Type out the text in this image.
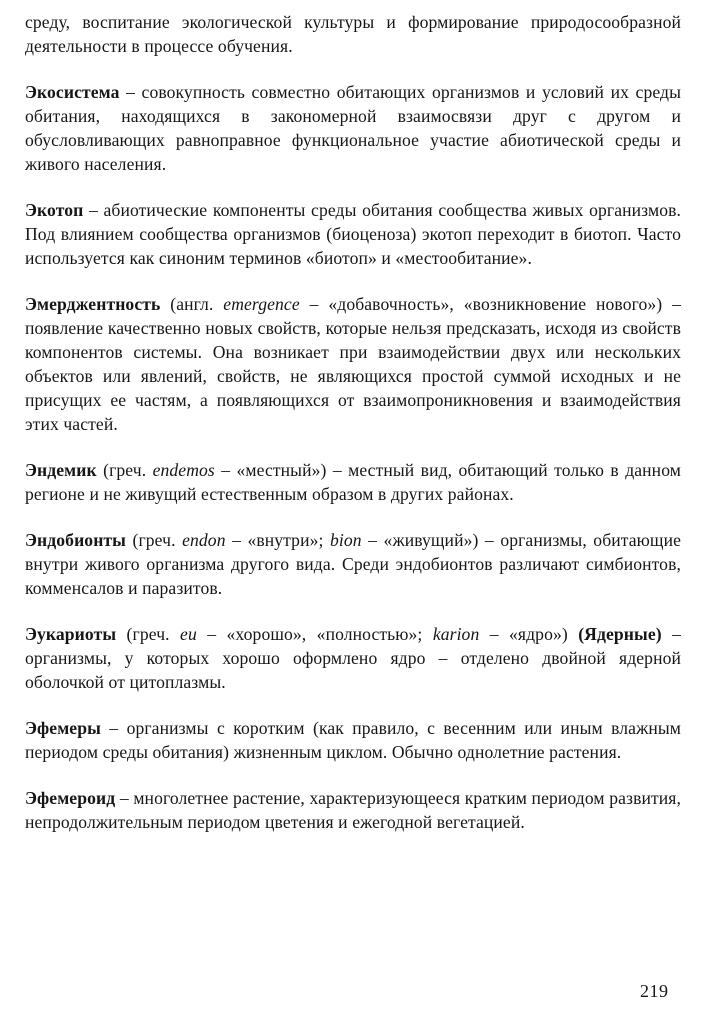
среду, воспитание экологической культуры и формирование природосообразной деятельности в процессе обучения.

Экосистема – совокупность совместно обитающих организмов и условий их среды обитания, находящихся в закономерной взаимосвязи друг с другом и обусловливающих равноправное функциональное участие абиотической среды и живого населения.

Экотоп – абиотические компоненты среды обитания сообщества живых организмов. Под влиянием сообщества организмов (биоценоза) экотоп переходит в биотоп. Часто используется как синоним терминов «биотоп» и «местообитание».

Эмерджентность (англ. emergence – «добавочность», «возникновение нового») – появление качественно новых свойств, которые нельзя предсказать, исходя из свойств компонентов системы. Она возникает при взаимодействии двух или нескольких объектов или явлений, свойств, не являющихся простой суммой исходных и не присущих ее частям, а появляющихся от взаимопроникновения и взаимодействия этих частей.

Эндемик (греч. endemos – «местный») – местный вид, обитающий только в данном регионе и не живущий естественным образом в других районах.

Эндобионты (греч. endon – «внутри»; bion – «живущий») – организмы, обитающие внутри живого организма другого вида. Среди эндобионтов различают симбионтов, комменсалов и паразитов.

Эукариоты (греч. eu – «хорошо», «полностью»; karion – «ядро») (Ядерные) – организмы, у которых хорошо оформлено ядро – отделено двойной ядерной оболочкой от цитоплазмы.

Эфемеры – организмы с коротким (как правило, с весенним или иным влажным периодом среды обитания) жизненным циклом. Обычно однолетние растения.

Эфемероид – многолетнее растение, характеризующееся кратким периодом развития, непродолжительным периодом цветения и ежегодной вегетацией.

219
